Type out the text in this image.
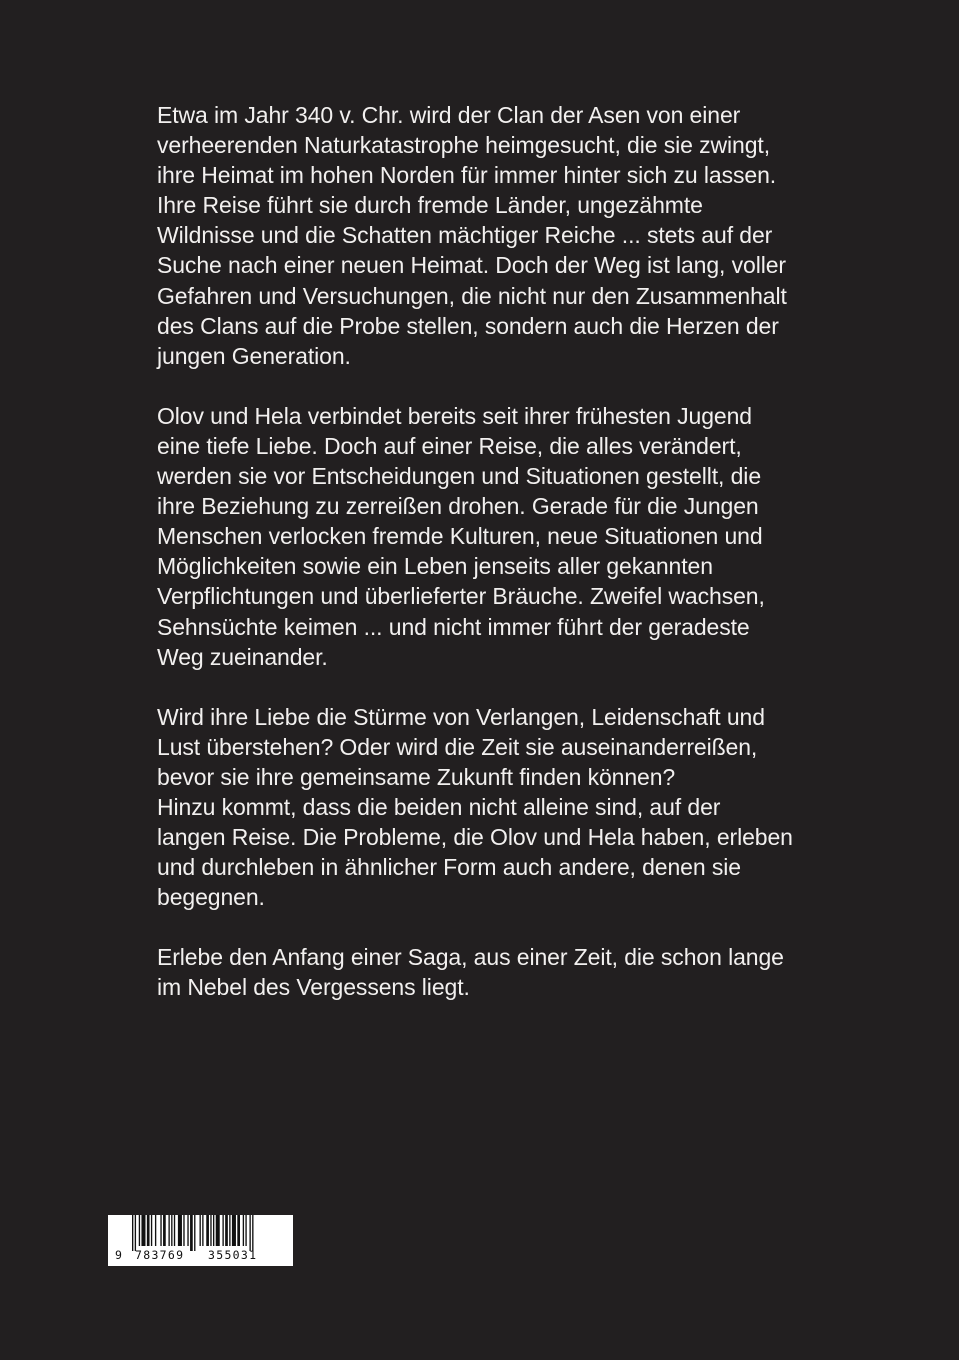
Etwa im Jahr 340 v. Chr. wird der Clan der Asen von einer
verheerenden Naturkatastrophe heimgesucht, die sie zwingt,
ihre Heimat im hohen Norden für immer hinter sich zu lassen.
Ihre Reise führt sie durch fremde Länder, ungezähmte
Wildnisse und die Schatten mächtiger Reiche ... stets auf der
Suche nach einer neuen Heimat. Doch der Weg ist lang, voller
Gefahren und Versuchungen, die nicht nur den Zusammenhalt
des Clans auf die Probe stellen, sondern auch die Herzen der
jungen Generation.

Olov und Hela verbindet bereits seit ihrer frühesten Jugend
eine tiefe Liebe. Doch auf einer Reise, die alles verändert,
werden sie vor Entscheidungen und Situationen gestellt, die
ihre Beziehung zu zerreißen drohen. Gerade für die Jungen
Menschen verlocken fremde Kulturen, neue Situationen und
Möglichkeiten sowie ein Leben jenseits aller gekannten
Verpflichtungen und überlieferter Bräuche. Zweifel wachsen,
Sehnsüchte keimen ... und nicht immer führt der geradeste
Weg zueinander.

Wird ihre Liebe die Stürme von Verlangen, Leidenschaft und
Lust überstehen? Oder wird die Zeit sie auseinanderreißen,
bevor sie ihre gemeinsame Zukunft finden können?
Hinzu kommt, dass die beiden nicht alleine sind, auf der
langen Reise. Die Probleme, die Olov und Hela haben, erleben
und durchleben in ähnlicher Form auch andere, denen sie
begegnen.

Erlebe den Anfang einer Saga, aus einer Zeit, die schon lange
im Nebel des Vergessens liegt.

9 783769 355031
